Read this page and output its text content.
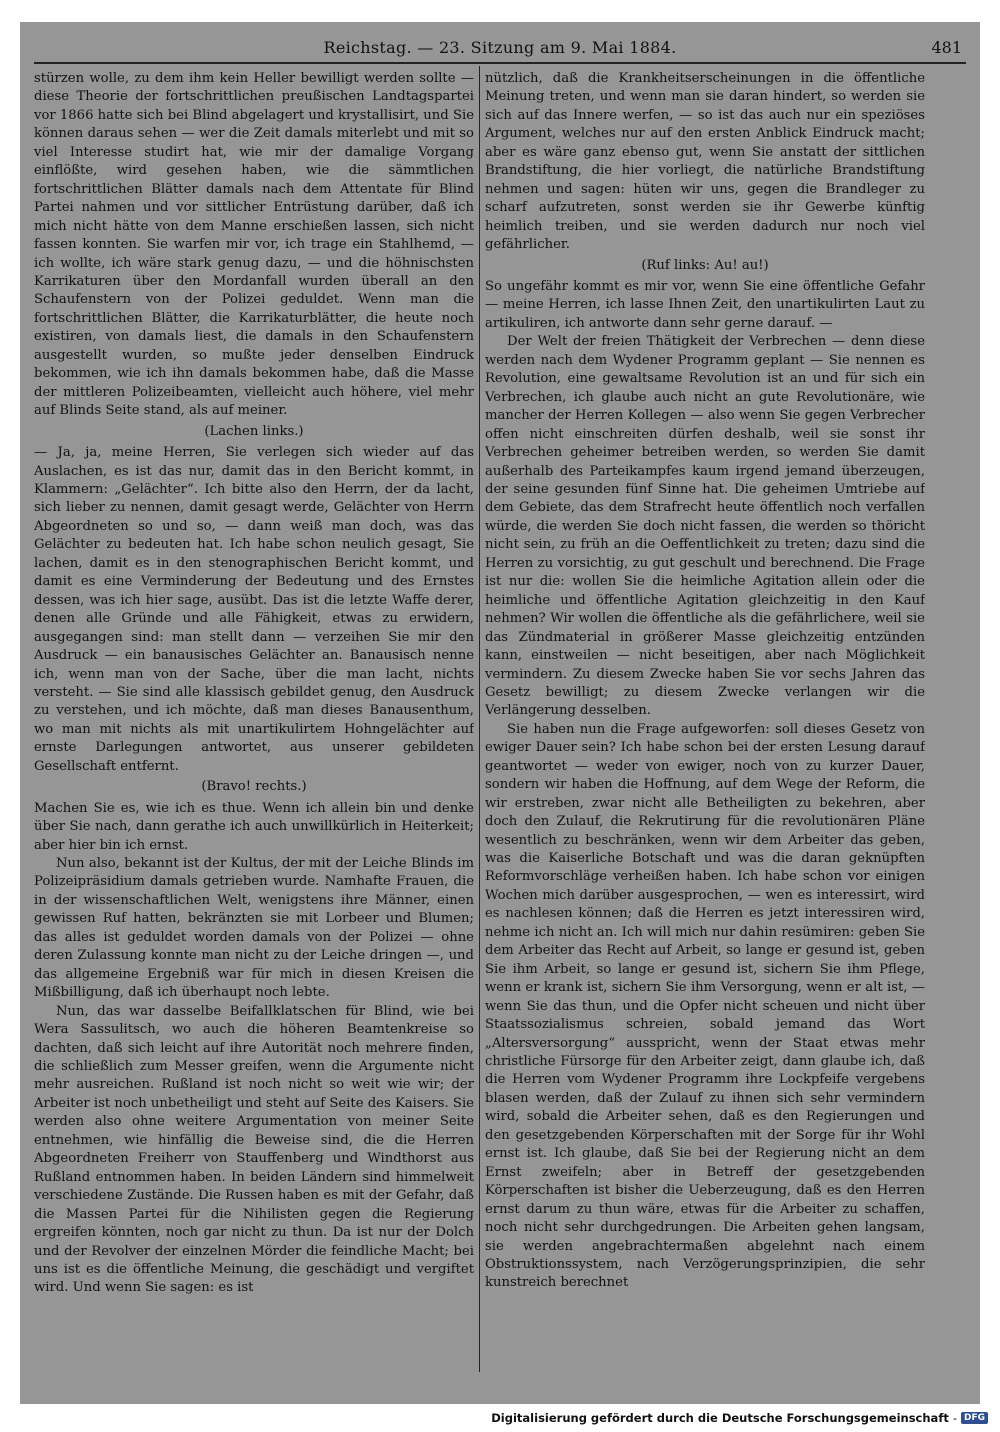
Reichstag. — 23. Sitzung am 9. Mai 1884.	481

stürzen wolle, zu dem ihm kein Heller bewilligt werden sollte — diese Theorie der fortschrittlichen preußischen Landtagspartei vor 1866 hatte sich bei Blind abgelagert und krystallisirt, und Sie können daraus sehen — wer die Zeit damals miterlebt und mit so viel Interesse studirt hat, wie mir der damalige Vorgang einflößte, wird gesehen haben, wie die sämmtlichen fortschrittlichen Blätter damals nach dem Attentate für Blind Partei nahmen und vor sittlicher Entrüstung darüber, daß ich mich nicht hätte von dem Manne erschießen lassen, sich nicht fassen konnten. Sie warfen mir vor, ich trage ein Stahlhemd, — ich wollte, ich wäre stark genug dazu, — und die höhnischsten Karrikaturen über den Mordanfall wurden überall an den Schaufenstern von der Polizei geduldet. Wenn man die fortschrittlichen Blätter, die Karrikaturblätter, die heute noch existiren, von damals liest, die damals in den Schaufenstern ausgestellt wurden, so mußte jeder denselben Eindruck bekommen, wie ich ihn damals bekommen habe, daß die Masse der mittleren Polizeibeamten, vielleicht auch höhere, viel mehr auf Blinds Seite stand, als auf meiner.

(Lachen links.)

— Ja, ja, meine Herren, Sie verlegen sich wieder auf das Auslachen, es ist das nur, damit das in den Bericht kommt, in Klammern: „Gelächter“. Ich bitte also den Herrn, der da lacht, sich lieber zu nennen, damit gesagt werde, Gelächter von Herrn Abgeordneten so und so, — dann weiß man doch, was das Gelächter zu bedeuten hat. Ich habe schon neulich gesagt, Sie lachen, damit es in den stenographischen Bericht kommt, und damit es eine Verminderung der Bedeutung und des Ernstes dessen, was ich hier sage, ausübt. Das ist die letzte Waffe derer, denen alle Gründe und alle Fähigkeit, etwas zu erwidern, ausgegangen sind: man stellt dann — verzeihen Sie mir den Ausdruck — ein banausisches Gelächter an. Banausisch nenne ich, wenn man von der Sache, über die man lacht, nichts versteht. — Sie sind alle klassisch gebildet genug, den Ausdruck zu verstehen, und ich möchte, daß man dieses Banausenthum, wo man mit nichts als mit unartikulirtem Hohngelächter auf ernste Darlegungen antwortet, aus unserer gebildeten Gesellschaft entfernt.

(Bravo! rechts.)

Machen Sie es, wie ich es thue. Wenn ich allein bin und denke über Sie nach, dann gerathe ich auch unwillkürlich in Heiterkeit; aber hier bin ich ernst.

Nun also, bekannt ist der Kultus, der mit der Leiche Blinds im Polizeipräsidium damals getrieben wurde. Namhafte Frauen, die in der wissenschaftlichen Welt, wenigstens ihre Männer, einen gewissen Ruf hatten, bekränzten sie mit Lorbeer und Blumen; das alles ist geduldet worden damals von der Polizei — ohne deren Zulassung konnte man nicht zu der Leiche dringen —, und das allgemeine Ergebniß war für mich in diesen Kreisen die Mißbilligung, daß ich überhaupt noch lebte.

Nun, das war dasselbe Beifallklatschen für Blind, wie bei Wera Sassulitsch, wo auch die höheren Beamtenkreise so dachten, daß sich leicht auf ihre Autorität noch mehrere finden, die schließlich zum Messer greifen, wenn die Argumente nicht mehr ausreichen. Rußland ist noch nicht so weit wie wir; der Arbeiter ist noch unbetheiligt und steht auf Seite des Kaisers. Sie werden also ohne weitere Argumentation von meiner Seite entnehmen, wie hinfällig die Beweise sind, die die Herren Abgeordneten Freiherr von Stauffenberg und Windthorst aus Rußland entnommen haben. In beiden Ländern sind himmelweit verschiedene Zustände. Die Russen haben es mit der Gefahr, daß die Massen Partei für die Nihilisten gegen die Regierung ergreifen könnten, noch gar nicht zu thun. Da ist nur der Dolch und der Revolver der einzelnen Mörder die feindliche Macht; bei uns ist es die öffentliche Meinung, die geschädigt und vergiftet wird. Und wenn Sie sagen: es ist

nützlich, daß die Krankheitserscheinungen in die öffentliche Meinung treten, und wenn man sie daran hindert, so werden sie sich auf das Innere werfen, — so ist das auch nur ein speziöses Argument, welches nur auf den ersten Anblick Eindruck macht; aber es wäre ganz ebenso gut, wenn Sie anstatt der sittlichen Brandstiftung, die hier vorliegt, die natürliche Brandstiftung nehmen und sagen: hüten wir uns, gegen die Brandleger zu scharf aufzutreten, sonst werden sie ihr Gewerbe künftig heimlich treiben, und sie werden dadurch nur noch viel gefährlicher.

(Ruf links: Au! au!)

So ungefähr kommt es mir vor, wenn Sie eine öffentliche Gefahr — meine Herren, ich lasse Ihnen Zeit, den unartikulirten Laut zu artikuliren, ich antworte dann sehr gerne darauf. —

Der Welt der freien Thätigkeit der Verbrechen — denn diese werden nach dem Wydener Programm geplant — Sie nennen es Revolution, eine gewaltsame Revolution ist an und für sich ein Verbrechen, ich glaube auch nicht an gute Revolutionäre, wie mancher der Herren Kollegen — also wenn Sie gegen Verbrecher offen nicht einschreiten dürfen deshalb, weil sie sonst ihr Verbrechen geheimer betreiben werden, so werden Sie damit außerhalb des Parteikampfes kaum irgend jemand überzeugen, der seine gesunden fünf Sinne hat. Die geheimen Umtriebe auf dem Gebiete, das dem Strafrecht heute öffentlich noch verfallen würde, die werden Sie doch nicht fassen, die werden so thöricht nicht sein, zu früh an die Oeffentlichkeit zu treten; dazu sind die Herren zu vorsichtig, zu gut geschult und berechnend. Die Frage ist nur die: wollen Sie die heimliche Agitation allein oder die heimliche und öffentliche Agitation gleichzeitig in den Kauf nehmen? Wir wollen die öffentliche als die gefährlichere, weil sie das Zündmaterial in größerer Masse gleichzeitig entzünden kann, einstweilen — nicht beseitigen, aber nach Möglichkeit vermindern. Zu diesem Zwecke haben Sie vor sechs Jahren das Gesetz bewilligt; zu diesem Zwecke verlangen wir die Verlängerung desselben.

Sie haben nun die Frage aufgeworfen: soll dieses Gesetz von ewiger Dauer sein? Ich habe schon bei der ersten Lesung darauf geantwortet — weder von ewiger, noch von zu kurzer Dauer, sondern wir haben die Hoffnung, auf dem Wege der Reform, die wir erstreben, zwar nicht alle Betheiligten zu bekehren, aber doch den Zulauf, die Rekrutirung für die revolutionären Pläne wesentlich zu beschränken, wenn wir dem Arbeiter das geben, was die Kaiserliche Botschaft und was die daran geknüpften Reformvorschläge verheißen haben. Ich habe schon vor einigen Wochen mich darüber ausgesprochen, — wen es interessirt, wird es nachlesen können; daß die Herren es jetzt interessiren wird, nehme ich nicht an. Ich will mich nur dahin resümiren: geben Sie dem Arbeiter das Recht auf Arbeit, so lange er gesund ist, geben Sie ihm Arbeit, so lange er gesund ist, sichern Sie ihm Pflege, wenn er krank ist, sichern Sie ihm Versorgung, wenn er alt ist, — wenn Sie das thun, und die Opfer nicht scheuen und nicht über Staatssozialismus schreien, sobald jemand das Wort „Altersversorgung“ ausspricht, wenn der Staat etwas mehr christliche Fürsorge für den Arbeiter zeigt, dann glaube ich, daß die Herren vom Wydener Programm ihre Lockpfeife vergebens blasen werden, daß der Zulauf zu ihnen sich sehr vermindern wird, sobald die Arbeiter sehen, daß es den Regierungen und den gesetzgebenden Körperschaften mit der Sorge für ihr Wohl ernst ist. Ich glaube, daß Sie bei der Regierung nicht an dem Ernst zweifeln; aber in Betreff der gesetzgebenden Körperschaften ist bisher die Ueberzeugung, daß es den Herren ernst darum zu thun wäre, etwas für die Arbeiter zu schaffen, noch nicht sehr durchgedrungen. Die Arbeiten gehen langsam, sie werden angebrachtermaßen abgelehnt nach einem Obstruktionssystem, nach Verzögerungsprinzipien, die sehr kunstreich berechnet

Digitalisierung gefördert durch die Deutsche Forschungsgemeinschaft - DFG
